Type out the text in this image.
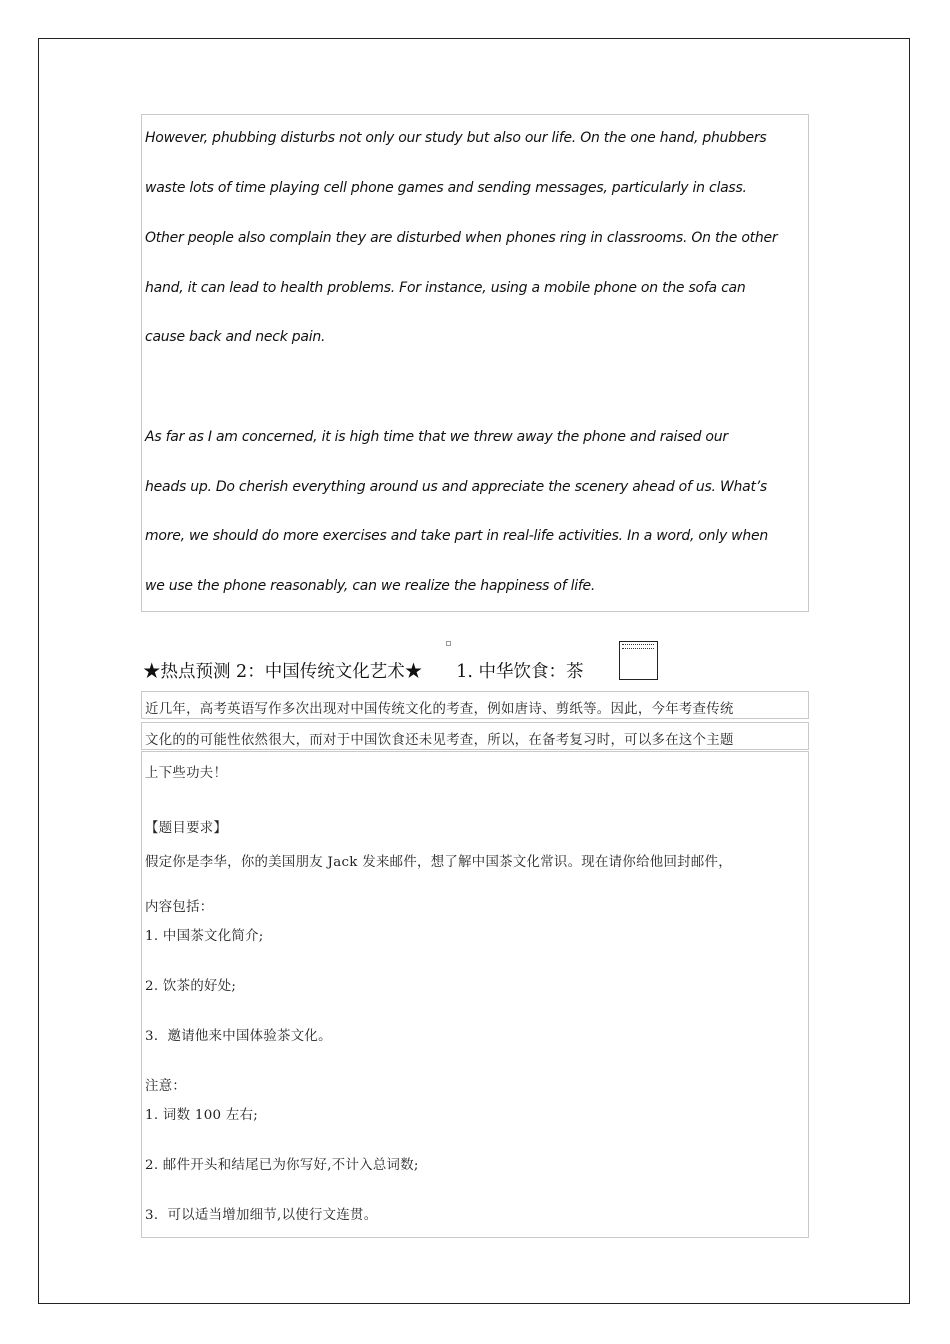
However, phubbing disturbs not only our study but also our life. On the one hand, phubbers
waste lots of time playing cell phone games and sending messages, particularly in class.
Other people also complain they are disturbed when phones ring in classrooms. On the other
hand, it can lead to health problems. For instance, using a mobile phone on the sofa can
cause back and neck pain.
As far as I am concerned, it is high time that we threw away the phone and raised our
heads up. Do cherish everything around us and appreciate the scenery ahead of us. What’s
more, we should do more exercises and take part in real-life activities. In a word, only when
we use the phone reasonably, can we realize the happiness of life.
★热点预测 2：中国传统文化艺术★ 1. 中华饮食：茶
近几年，高考英语写作多次出现对中国传统文化的考查，例如唐诗、剪纸等。因此，今年考查传统
文化的的可能性依然很大，而对于中国饮食还未见考查，所以，在备考复习时，可以多在这个主题
上下些功夫！
【题目要求】
假定你是李华，你的美国朋友 Jack 发来邮件，想了解中国茶文化常识。现在请你给他回封邮件，
内容包括：
1. 中国茶文化简介;
2. 饮茶的好处;
3．邀请他来中国体验茶文化。
注意：
1. 词数 100 左右;
2. 邮件开头和结尾已为你写好,不计入总词数;
3．可以适当增加细节,以使行文连贯。
